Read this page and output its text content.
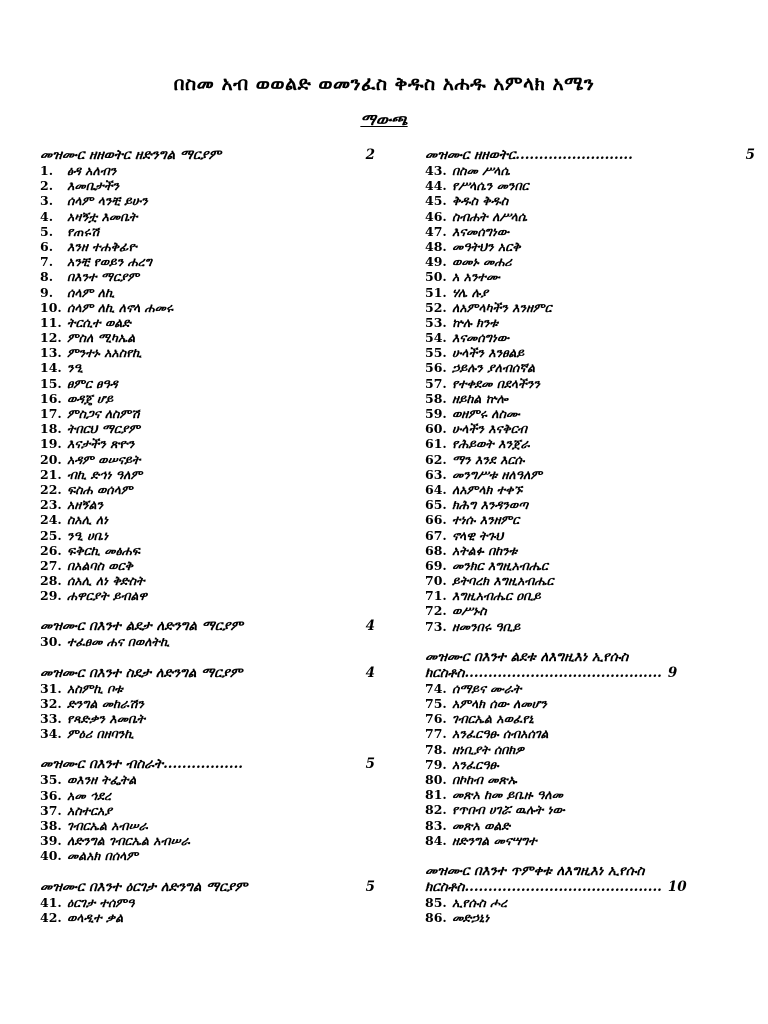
በስመ አብ ወወልድ ወመንፈስ ቅዱስ አሐዱ አምላክ አሜን
ማውጫ
መዝሙር ዘዘወትር ዘድንግል ማርያም	2
1.	ፅዳ አለብን
2.	እመቤታችን
3.	ሰላም ላንቺ ይሁን
4.	አዛኝቷ እመቤት
5.	የጠሩሽ
6.	እንዘ ተሐቅፊዮ
7.	አንቺ የወይን ሐረግ
8.	በእንተ ማርያም
9.	ሰላም ለኪ
10. ሰላም ለኪ ለኖላ ሐመሩ
11. ትርሲተ ወልድ
12. ምስለ ሚካኤል
13. ምንተኑ አአስየኪ
14. ንዒ
15. ፀምር ፀዓዳ
16. ወዳጄ ሆይ
17. ምስጋና ለስምሽ
18. ትበርህ ማርያም
19. እናታችን ጽዮን
20. አዳም ወሠናይት
21. ብኪ ድኅነ ዓለም
22. ፍስሐ ወሰላም
23. አዘኝልን
24. ስአሊ ለነ
25. ንዒ ሀቤነ
26. ፍቅርኪ መፅሐፍ
27. በአልባስ ወርቅ
28. ሰአሊ ለነ ቅድስት
29. ሐዋርያት ይብልዋ
መዝሙር በእንተ ልደታ ለድንግል ማርያም	4
30. ተፈፀመ ሐና በወለትኪ
መዝሙር በእንተ ስደታ ለድንግል ማርያም	4
31. አስምኪ ቦቱ
32. ድንግል መከራሽን
33. የጻድቃን እመቤት
34. ምዕሪ በዘባንኪ
መዝሙር በእንተ ብስራት.................	5
35. ወእንዘ ትፌትል
36. አመ ኅደረ
37. አስተርአያ
38. ገብርኤል አብሠራ
39. ለድንግል ገብርኤል አብሠራ
40. መልአክ በሰላም
መዝሙር በእንተ ዕርገታ ለድንግል ማርያም	5
41. ዕርገታ ተሰምዓ
42. ወላዲተ ቃል
መዝሙር ዘዘወትር.........................	5
43. በስመ ሥላሴ
44. የሥላሴን መንበር
45. ቅዱስ ቅዱስ
46. ስብሐት ለሥላሴ
47. እናመሰግነው
48. መዓትህን አርቅ
49. ወመኑ መሐሪ
50. አ አንተሙ
51. ሃሌ ሉያ
52. ለአምላካችን እንዘምር
53. ኵሉ ክንቱ
54. እናመሰግነው
55. ሁላችን እንፀልይ
56. ኃይሉን ያለብሰኛል
57. የተቀደመ በደላችንን
58. ዘይከል ኵሎ
59. ወዘምሩ ለስሙ
60. ሁላችን እናቅርብ
61. የሕይወት እንጀራ
62. ማን እንደ እርሱ
63. መንግሥቱ ዘለዓለም
64. ለአምላክ ተቀኙ
65. ክሕግ እንዳንወጣ
66. ተነሱ እንዘምር
67. ኖላዊ ትጉህ
68. አትልፉ በከንቱ
69. መንክር እግዚአብሔር
70. ይትባረክ እግዚአብሔር
71. እግዚአብሔር ዐቢይ
72. ወሥኑስ
73. ዘመንበሩ ዓቢይ
መዝሙር በእንተ ልደቱ ለእግዚእነ ኢየሱስ ክርስቶስ.......................................... 9
74. ሰማይና ሙራት
75. አምላክ ሰው ለመሆን
76. ገብርኤል አወፈየኒ
77. አንፈርዓፁ ሰብአሰገል
78. ዘነቢያት ሰበክዎ
79. አንፈርዓፁ
80. በኮከብ መጽኡ
81. መጽአ ከመ ይቤዙ ዓለመ
82. የጥበብ ሀገሯ ዉሉት ነው
83. መጽአ ወልድ
84. ዘድንግል መናሣግተ
መዝሙር በእንተ ጥምቀቱ ለእግዚእነ ኢየሱስ ክርስቶስ.......................................... 10
85. ኢየሱስ ሖረ
86. መድኃኒነ
